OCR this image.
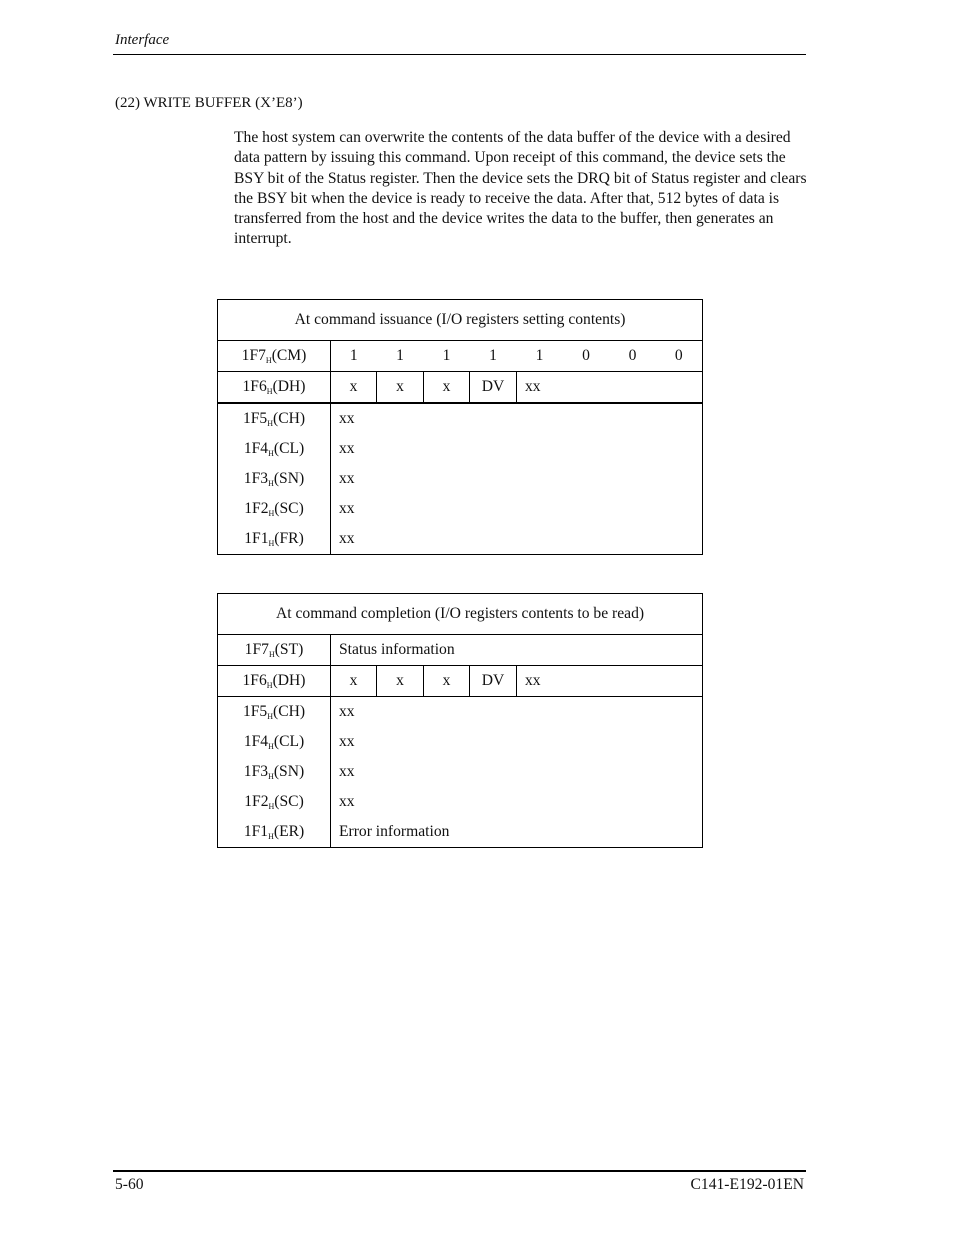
Interface
(22) WRITE BUFFER (X’E8’)
The host system can overwrite the contents of the data buffer of the device with a desired data pattern by issuing this command. Upon receipt of this command, the device sets the BSY bit of the Status register. Then the device sets the DRQ bit of Status register and clears the BSY bit when the device is ready to receive the data. After that, 512 bytes of data is transferred from the host and the device writes the data to the buffer, then generates an interrupt.
At command issuance (I/O registers setting contents)								
$1F7_H(CM)$	1	1	1	1	1	0	0	0
$1F6_H(DH)$	x	x	x	DV	xx			
$1F5_H(CH)$	xx							
$1F4_H(CL)$	xx							
$1F3_H(SN)$	xx							
$1F2_H(SC)$	xx							
$1F1_H(FR)$	xx							
At command completion (I/O registers contents to be read)					
$1F7_H(ST)$	Status information				
$1F6_H(DH)$	x	x	x	DV	xx
$1F5_H(CH)$	xx				
$1F4_H(CL)$	xx				
$1F3_H(SN)$	xx				
$1F2_H(SC)$	xx				
$1F1_H(ER)$	Error information				
5-60	C141-E192-01EN
